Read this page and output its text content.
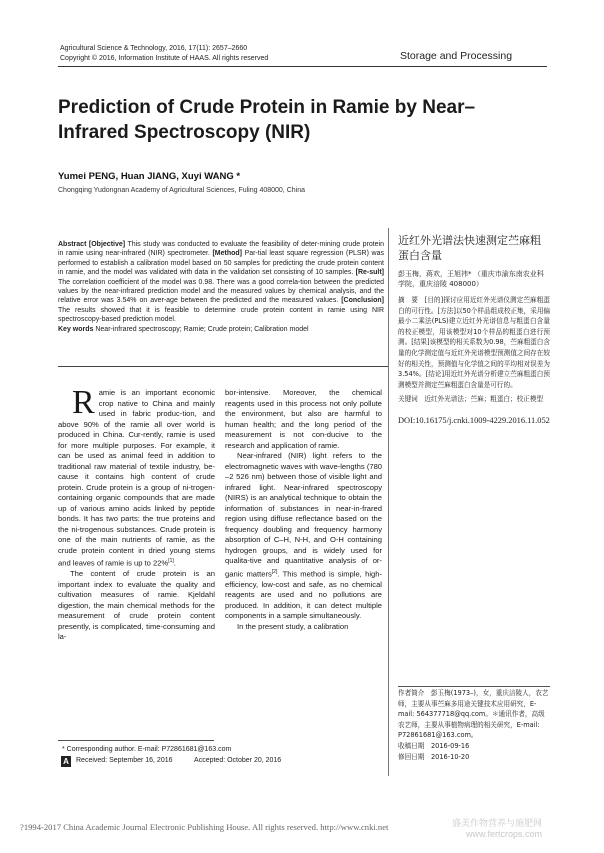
Agricultural Science & Technology, 2016, 17(11): 2657–2660
Copyright © 2016, Information Institute of HAAS. All rights reserved	Storage and Processing
Prediction of Crude Protein in Ramie by Near–
Infrared Spectroscopy (NIR)
Yumei PENG, Huan JIANG, Xuyi WANG *
Chongqing Yudongnan Academy of Agricultural Sciences, Fuling 408000, China
Abstract [Objective] This study was conducted to evaluate the feasibility of deter-mining crude protein in ramie using near-infrared (NIR) spectrometer. [Method] Par-tial least square regression (PLSR) was performed to establish a calibration model based on 50 samples for predicting the crude protein content in ramie, and the model was validated with data in the validation set consisting of 10 samples. [Re-sult] The correlation coefficient of the model was 0.98. There was a good correla-tion between the predicted values by the near-infrared prediction model and the measured values by chemical analysis, and the relative error was 3.54% on aver-age between the predicted and the measured values. [Conclusion] The results showed that it is feasible to determine crude protein content in ramie using NIR spectroscopy-based prediction model.
Key words Near-infrared spectroscopy; Ramie; Crude protein; Calibration model

Ramie is an important economic crop native to China and mainly used in fabric produc-tion, and above 90% of the ramie all over world is produced in China. Cur-rently, ramie is used for more multiple purposes. For example, it can be used as animal feed in addition to traditional raw material of textile industry, be-cause it contains high content of crude protein. Crude protein is a group of ni-trogen-containing organic compounds that are made up of various amino acids linked by peptide bonds. It has two parts: the true proteins and the ni-trogenous substances. Crude protein is one of the main nutrients of ramie, as the crude protein content in dried young stems and leaves of ramie is up to 22%[1].

The content of crude protein is an important index to evaluate the quality and cultivation measures of ramie. Kjeldahl digestion, the main chemical methods for the measurement of crude protein content presently, is complicated, time-consuming and la-

bor-intensive. Moreover, the chemical reagents used in this process not only pollute the environment, but also are harmful to human health; and the long period of the measurement is not con-ducive to the research and application of ramie.

Near-infrared (NIR) light refers to the electromagnetic waves with wave-lengths (780 –2 526 nm) between those of visible light and infrared light. Near-infrared spectroscopy (NIRS) is an analytical technique to obtain the information of substances in near-in-frared region using diffuse reflectance based on the frequency doubling and frequency harmony absorption of C–H, N-H, and O-H containing hydrogen groups, and is widely used for qualita-tive and quantitative analysis of or-ganic matters[2]. This method is simple, high-efficiency, low-cost and safe, as no chemical reagents are used and no pollutions are produced. In addition, it can detect multiple components in a sample simultaneously.

In the present study, a calibration

* Corresponding author. E-mail: P72861681@163.com
A	Received: September 16, 2016	Accepted: October 20, 2016
近红外光谱法快速测定苎麻粗蛋白含量
彭玉梅，蒋欢，王旭祎* （重庆市渝东南农业科学院，重庆涪陵 408000）
摘　要　[目的]探讨应用近红外光谱仪测定苎麻粗蛋白的可行性。[方法]以50个样品组成校正集，采用偏最小二乘法(PLS)建立近红外光谱信息与粗蛋白含量的校正模型，用该模型对10个样品的粗蛋白进行预测。[结果]该模型的相关系数为0.98，苎麻粗蛋白含量的化学测定值与近红外光谱模型预测值之间存在较好的相关性，预测值与化学值之间的平均相对误差为3.54%。[结论]用近红外光谱分析建立苎麻粗蛋白预测模型并测定苎麻粗蛋白含量是可行的。
关键词　近红外光谱法；苎麻；粗蛋白；校正模型
DOI:10.16175/j.cnki.1009-4229.2016.11.052
作者简介　彭玉梅(1973–)，女，重庆涪陵人，农艺师，主要从事苎麻多用途关键技术应用研究，E-mail: 564377718@qq.com。＊通讯作者，高级农艺师，主要从事植物病理的相关研究，E-mail: P72861681@163.com。
收稿日期　2016-09-16
修回日期　2016-10-20
?1994-2017 China Academic Journal Electronic Publishing House. All rights reserved. http://www.cnki.net	盛美作物营养与施肥网
www.fertcrops.com
